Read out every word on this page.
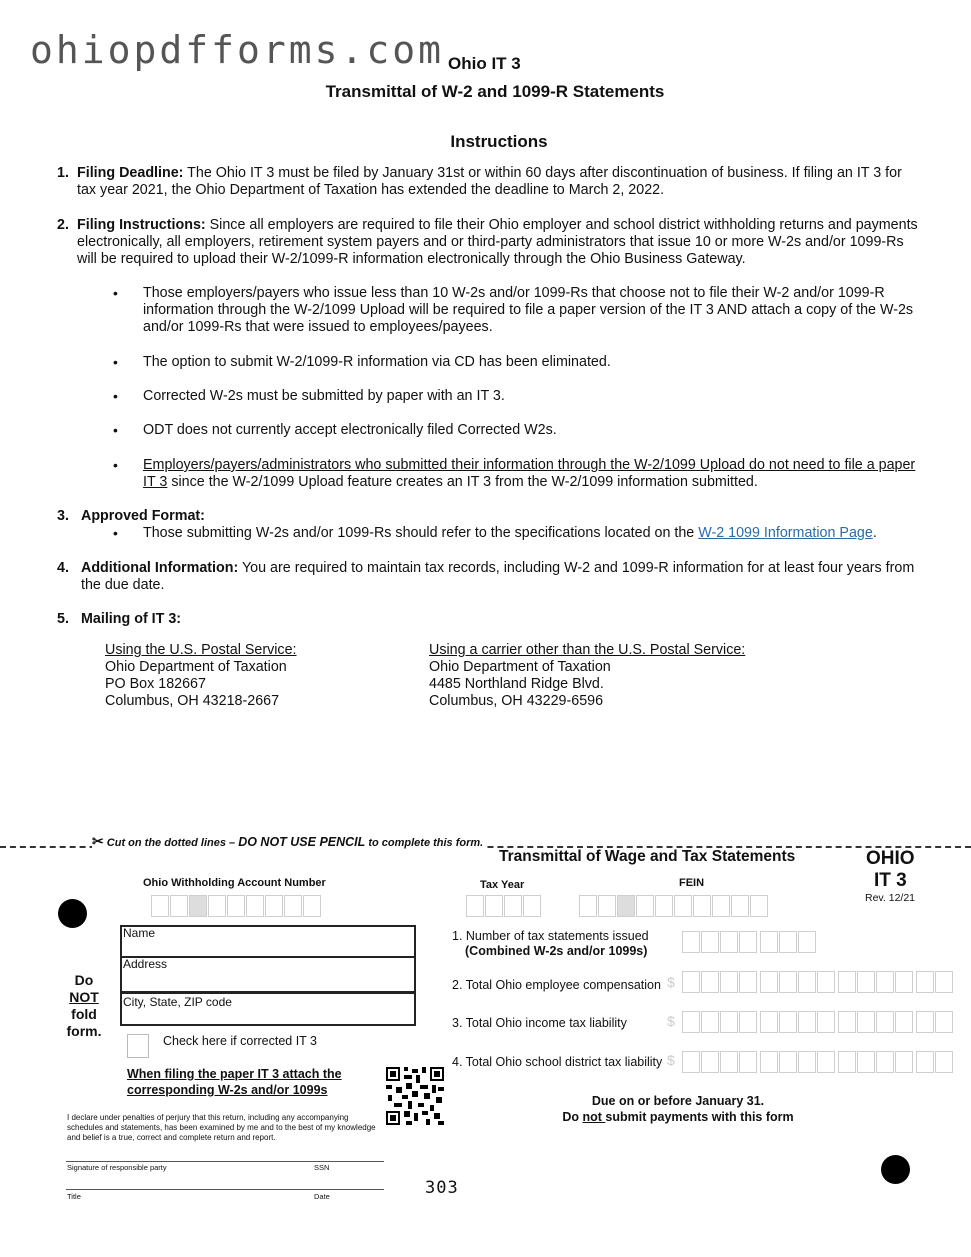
ohiopdfforms.com Ohio IT 3
Transmittal of W-2 and 1099-R Statements
Instructions
1. Filing Deadline: The Ohio IT 3 must be filed by January 31st or within 60 days after discontinuation of business. If filing an IT 3 for tax year 2021, the Ohio Department of Taxation has extended the deadline to March 2, 2022.
2. Filing Instructions: Since all employers are required to file their Ohio employer and school district withholding returns and payments electronically, all employers, retirement system payers and or third-party administrators that issue 10 or more W-2s and/or 1099-Rs will be required to upload their W-2/1099-R information electronically through the Ohio Business Gateway.
• Those employers/payers who issue less than 10 W-2s and/or 1099-Rs that choose not to file their W-2 and/or 1099-R information through the W-2/1099 Upload will be required to file a paper version of the IT 3 AND attach a copy of the W-2s and/or 1099-Rs that were issued to employees/payees.
• The option to submit W-2/1099-R information via CD has been eliminated.
• Corrected W-2s must be submitted by paper with an IT 3.
• ODT does not currently accept electronically filed Corrected W2s.
• Employers/payers/administrators who submitted their information through the W-2/1099 Upload do not need to file a paper IT 3 since the W-2/1099 Upload feature creates an IT 3 from the W-2/1099 information submitted.
3. Approved Format:
• Those submitting W-2s and/or 1099-Rs should refer to the specifications located on the W-2 1099 Information Page.
4. Additional Information: You are required to maintain tax records, including W-2 and 1099-R information for at least four years from the due date.
5. Mailing of IT 3:
Using the U.S. Postal Service:
Ohio Department of Taxation
PO Box 182667
Columbus, OH 43218-2667
Using a carrier other than the U.S. Postal Service:
Ohio Department of Taxation
4485 Northland Ridge Blvd.
Columbus, OH 43229-6596
✂ Cut on the dotted lines – DO NOT USE PENCIL to complete this form.
Transmittal of Wage and Tax Statements	OHIO
IT 3
Rev. 12/21
Ohio Withholding Account Number	Tax Year	FEIN
Do
NOT
fold
form.
Name
Address
City, State, ZIP code
Check here if corrected IT 3
When filing the paper IT 3 attach the
corresponding W-2s and/or 1099s
I declare under penalties of perjury that this return, including any accompanying schedules and statements, has been examined by me and to the best of my knowledge and belief is a true, correct and complete return and report.
Signature of responsible party	SSN
Title	Date	303
1. Number of tax statements issued
(Combined W-2s and/or 1099s)
2. Total Ohio employee compensation $
3. Total Ohio income tax liability	$
4. Total Ohio school district tax liability $
Due on or before January 31.
Do not submit payments with this form
